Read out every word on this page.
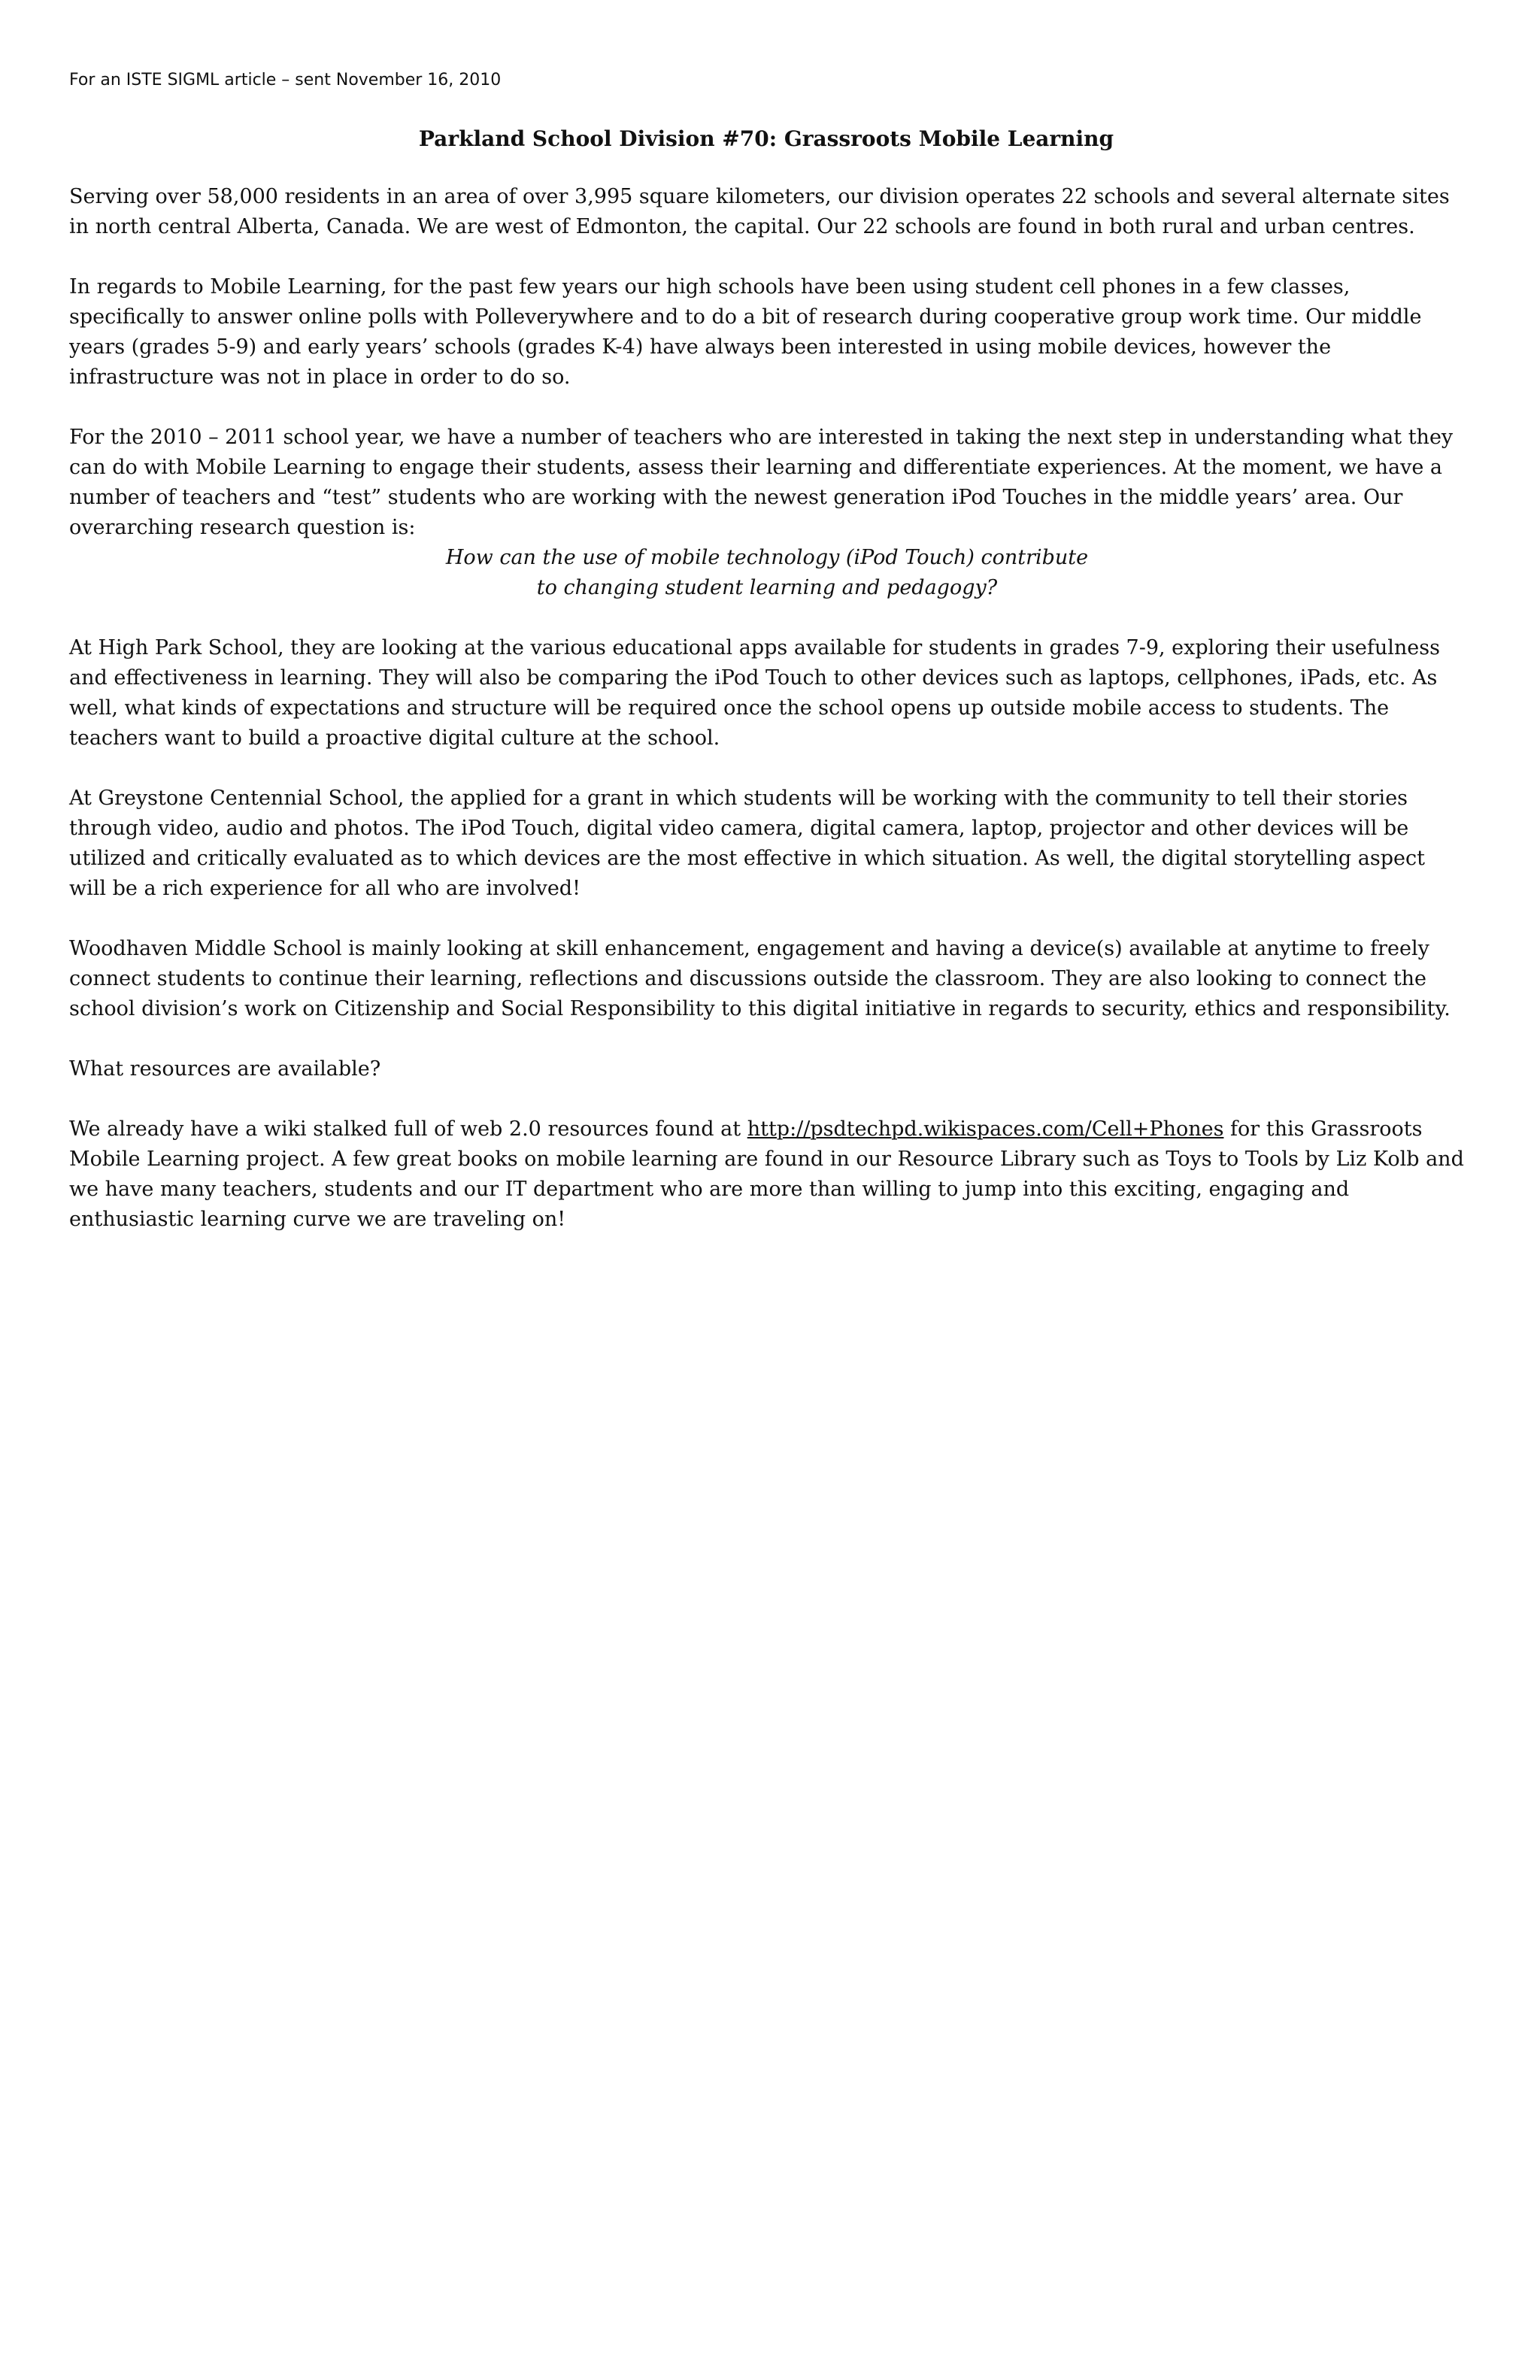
For an ISTE SIGML article – sent November 16, 2010
Parkland School Division #70: Grassroots Mobile Learning

Serving over 58,000 residents in an area of over 3,995 square kilometers, our division operates 22 schools and several alternate sites in north central Alberta, Canada. We are west of Edmonton, the capital. Our 22 schools are found in both rural and urban centres.

In regards to Mobile Learning, for the past few years our high schools have been using student cell phones in a few classes, specifically to answer online polls with Polleverywhere and to do a bit of research during cooperative group work time. Our middle years (grades 5-9) and early years’ schools (grades K-4) have always been interested in using mobile devices, however the infrastructure was not in place in order to do so.

For the 2010 – 2011 school year, we have a number of teachers who are interested in taking the next step in understanding what they can do with Mobile Learning to engage their students, assess their learning and differentiate experiences. At the moment, we have a number of teachers and “test” students who are working with the newest generation iPod Touches in the middle years’ area. Our overarching research question is:

How can the use of mobile technology (iPod Touch) contribute
to changing student learning and pedagogy?

At High Park School, they are looking at the various educational apps available for students in grades 7-9, exploring their usefulness and effectiveness in learning. They will also be comparing the iPod Touch to other devices such as laptops, cellphones, iPads, etc. As well, what kinds of expectations and structure will be required once the school opens up outside mobile access to students. The teachers want to build a proactive digital culture at the school.

At Greystone Centennial School, the applied for a grant in which students will be working with the community to tell their stories through video, audio and photos. The iPod Touch, digital video camera, digital camera, laptop, projector and other devices will be utilized and critically evaluated as to which devices are the most effective in which situation. As well, the digital storytelling aspect will be a rich experience for all who are involved!

Woodhaven Middle School is mainly looking at skill enhancement, engagement and having a device(s) available at anytime to freely connect students to continue their learning, reflections and discussions outside the classroom. They are also looking to connect the school division’s work on Citizenship and Social Responsibility to this digital initiative in regards to security, ethics and responsibility.

What resources are available?

We already have a wiki stalked full of web 2.0 resources found at http://psdtechpd.wikispaces.com/Cell+Phones for this Grassroots Mobile Learning project. A few great books on mobile learning are found in our Resource Library such as Toys to Tools by Liz Kolb and we have many teachers, students and our IT department who are more than willing to jump into this exciting, engaging and enthusiastic learning curve we are traveling on!
